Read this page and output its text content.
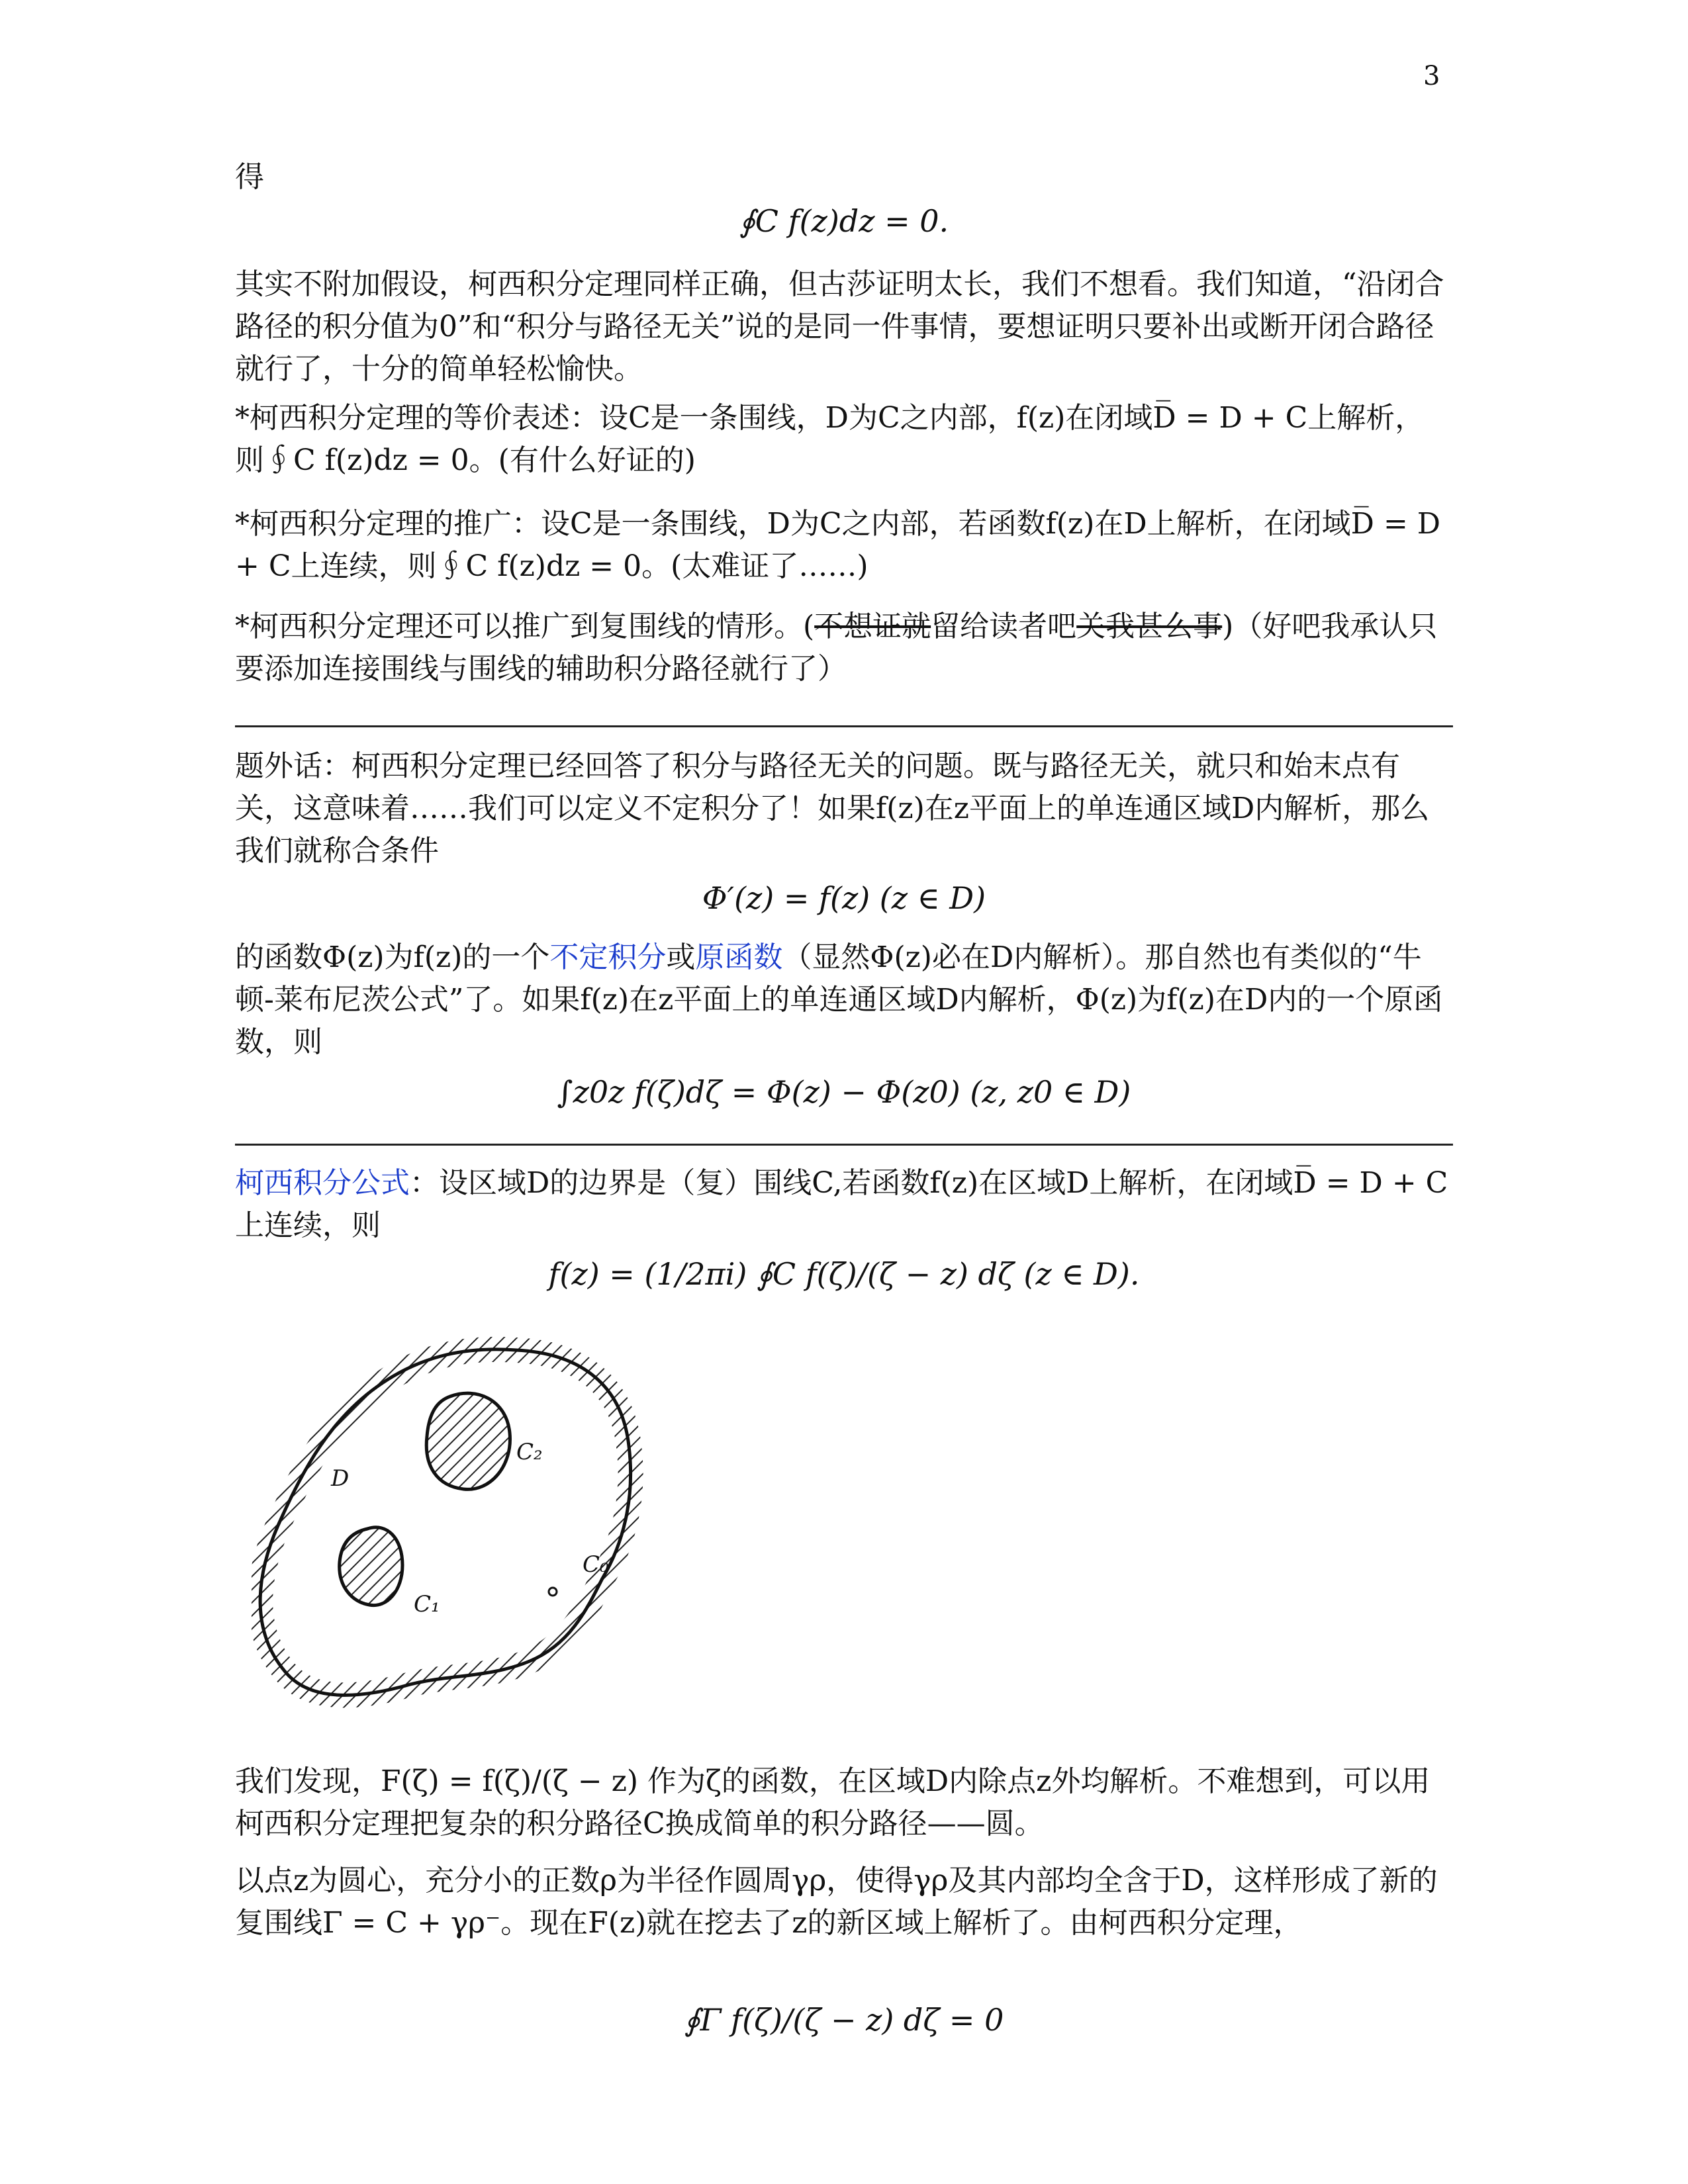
3

得

∮C f(z)dz = 0.

其实不附加假设，柯西积分定理同样正确，但古莎证明太长，我们不想看。我们知道，“沿闭合路径的积分值为0”和“积分与路径无关”说的是同一件事情，要想证明只要补出或断开闭合路径就行了，十分的简单轻松愉快。

*柯西积分定理的等价表述：设C是一条围线，D为C之内部，f(z)在闭域D̅ = D + C上解析，则∮C f(z)dz = 0。(有什么好证的)

*柯西积分定理的推广：设C是一条围线，D为C之内部，若函数f(z)在D上解析，在闭域D̅ = D + C上连续，则∮C f(z)dz = 0。(太难证了……)

*柯西积分定理还可以推广到复围线的情形。(不想证就留给读者吧关我甚么事)（好吧我承认只要添加连接围线与围线的辅助积分路径就行了）

题外话：柯西积分定理已经回答了积分与路径无关的问题。既与路径无关，就只和始末点有关，这意味着……我们可以定义不定积分了！如果f(z)在z平面上的单连通区域D内解析，那么我们就称合条件

Φ′(z) = f(z) (z ∈ D)

的函数Φ(z)为f(z)的一个不定积分或原函数（显然Φ(z)必在D内解析）。那自然也有类似的“牛顿-莱布尼茨公式”了。如果f(z)在z平面上的单连通区域D内解析，Φ(z)为f(z)在D内的一个原函数，则

∫z0z f(ζ)dζ = Φ(z) − Φ(z0) (z, z0 ∈ D)

柯西积分公式：设区域D的边界是（复）围线C,若函数f(z)在区域D上解析，在闭域D̅ = D + C上连续，则

f(z) = (1/2πi) ∮C f(ζ)/(ζ − z) dζ (z ∈ D).
D
C₂
C₁
C₀

我们发现，F(ζ) = f(ζ)/(ζ − z) 作为ζ的函数，在区域D内除点z外均解析。不难想到，可以用柯西积分定理把复杂的积分路径C换成简单的积分路径——圆。

以点z为圆心，充分小的正数ρ为半径作圆周γρ，使得γρ及其内部均全含于D，这样形成了新的复围线Γ = C + γρ⁻。现在F(z)就在挖去了z的新区域上解析了。由柯西积分定理，

∮Γ f(ζ)/(ζ − z) dζ = 0
